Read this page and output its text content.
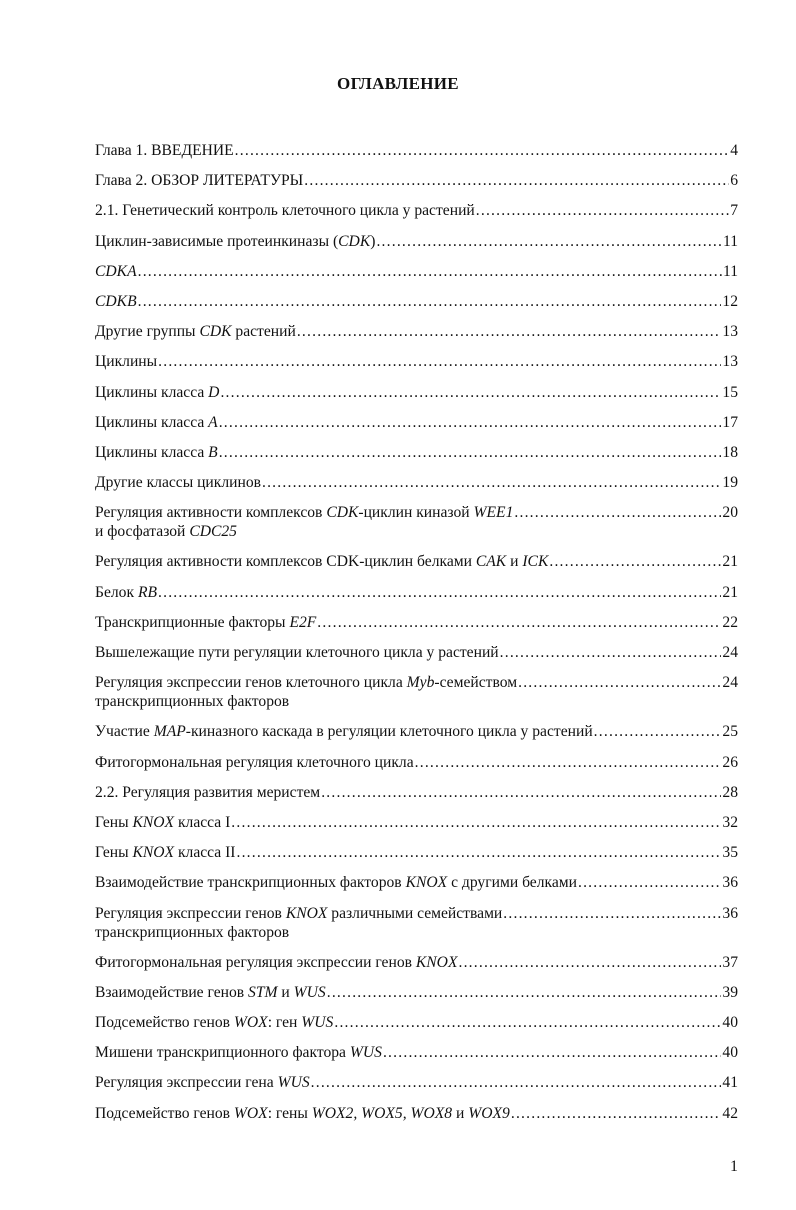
ОГЛАВЛЕНИЕ
Глава 1. ВВЕДЕНИЕ .....	4
Глава 2. ОБЗОР ЛИТЕРАТУРЫ .....	6
2.1. Генетический контроль клеточного цикла у растений .....	7
Циклин-зависимые протеинкиназы (CDK) .....	11
CDKA .....	11
CDKB .....	12
Другие группы CDK растений .....	13
Циклины .....	13
Циклины класса D .....	15
Циклины класса A .....	17
Циклины класса B .....	18
Другие классы циклинов .....	19
Регуляция активности комплексов CDK-циклин киназой WEE1 .....	20
и фосфатазой CDC25
Регуляция активности комплексов CDK-циклин белками CAK и ICK .....	21
Белок RB .....	21
Транскрипционные факторы E2F .....	22
Вышележащие пути регуляции клеточного цикла у растений .....	24
Регуляция экспрессии генов клеточного цикла Myb-семейством .....	24
транскрипционных факторов
Участие MAP-киназного каскада в регуляции клеточного цикла у растений .....	25
Фитогормональная регуляция клеточного цикла .....	26
2.2. Регуляция развития меристем .....	28
Гены KNOX класса I .....	32
Гены KNOX класса II .....	35
Взаимодействие транскрипционных факторов KNOX с другими белками .....	36
Регуляция экспрессии генов KNOX различными семействами .....	36
транскрипционных факторов
Фитогормональная регуляция экспрессии генов KNOX .....	37
Взаимодействие генов STM и WUS .....	39
Подсемейство генов WOX: ген WUS .....	40
Мишени транскрипционного фактора WUS .....	40
Регуляция экспрессии гена WUS .....	41
Подсемейство генов WOX: гены WOX2, WOX5, WOX8 и WOX9 .....	42
1
